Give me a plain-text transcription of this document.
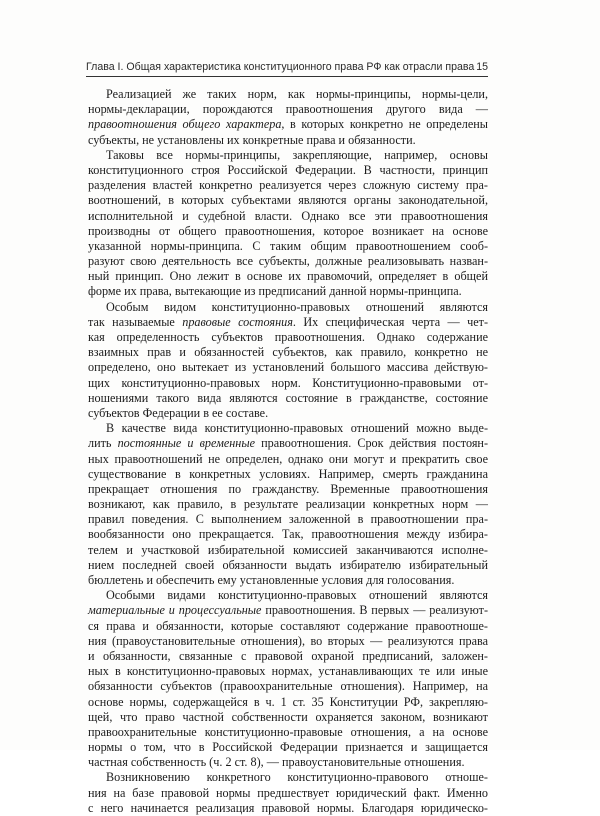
Глава I. Общая характеристика конституционного права РФ как отрасли права 15
Реализацией же таких норм, как нормы-принципы, нормы-цели,
нормы-декларации, порождаются правоотношения другого вида —
правоотношения общего характера, в которых конкретно не определены
субъекты, не установлены их конкретные права и обязанности.
Таковы все нормы-принципы, закрепляющие, например, основы
конституционного строя Российской Федерации. В частности, принцип
разделения властей конкретно реализуется через сложную систему пра-
воотношений, в которых субъектами являются органы законодательной,
исполнительной и судебной власти. Однако все эти правоотношения
производны от общего правоотношения, которое возникает на основе
указанной нормы-принципа. С таким общим правоотношением сооб-
разуют свою деятельность все субъекты, должные реализовывать назван-
ный принцип. Оно лежит в основе их правомочий, определяет в общей
форме их права, вытекающие из предписаний данной нормы-принципа.
Особым видом конституционно-правовых отношений являются
так называемые правовые состояния. Их специфическая черта — чет-
кая определенность субъектов правоотношения. Однако содержание
взаимных прав и обязанностей субъектов, как правило, конкретно не
определено, оно вытекает из установлений большого массива действую-
щих конституционно-правовых норм. Конституционно-правовыми от-
ношениями такого вида являются состояние в гражданстве, состояние
субъектов Федерации в ее составе.
В качестве вида конституционно-правовых отношений можно выде-
лить постоянные и временные правоотношения. Срок действия постоян-
ных правоотношений не определен, однако они могут и прекратить свое
существование в конкретных условиях. Например, смерть гражданина
прекращает отношения по гражданству. Временные правоотношения
возникают, как правило, в результате реализации конкретных норм —
правил поведения. С выполнением заложенной в правоотношении пра-
вообязанности оно прекращается. Так, правоотношения между избира-
телем и участковой избирательной комиссией заканчиваются исполне-
нием последней своей обязанности выдать избирателю избирательный
бюллетень и обеспечить ему установленные условия для голосования.
Особыми видами конституционно-правовых отношений являются
материальные и процессуальные правоотношения. В первых — реализуют-
ся права и обязанности, которые составляют содержание правоотноше-
ния (правоустановительные отношения), во вторых — реализуются права
и обязанности, связанные с правовой охраной предписаний, заложен-
ных в конституционно-правовых нормах, устанавливающих те или иные
обязанности субъектов (правоохранительные отношения). Например, на
основе нормы, содержащейся в ч. 1 ст. 35 Конституции РФ, закрепляю-
щей, что право частной собственности охраняется законом, возникают
правоохранительные конституционно-правовые отношения, а на основе
нормы о том, что в Российской Федерации признается и защищается
частная собственность (ч. 2 ст. 8), — правоустановительные отношения.
Возникновению конкретного конституционно-правового отноше-
ния на базе правовой нормы предшествует юридический факт. Именно
с него начинается реализация правовой нормы. Благодаря юридическо-
